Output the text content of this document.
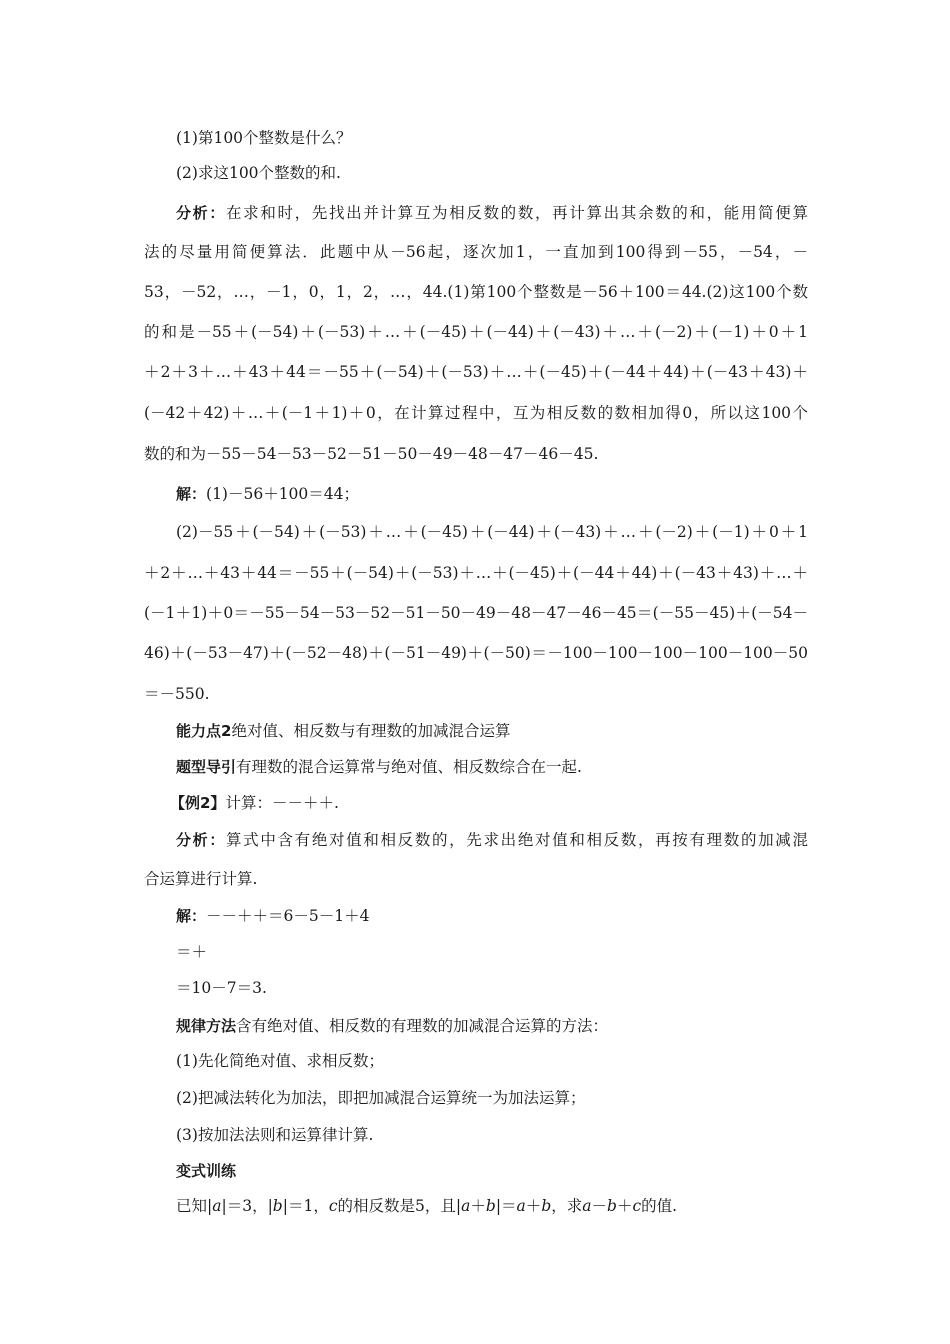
(1)第100个整数是什么？
(2)求这100个整数的和.
分析：在求和时，先找出并计算互为相反数的数，再计算出其余数的和，能用简便算
法的尽量用简便算法．此题中从－56起，逐次加1，一直加到100得到－55，－54，－
53，－52，…，－1，0，1，2，…，44.(1)第100个整数是－56＋100＝44.(2)这100个数
的和是－55＋(－54)＋(－53)＋…＋(－45)＋(－44)＋(－43)＋…＋(－2)＋(－1)＋0＋1
＋2＋3＋…＋43＋44＝－55＋(－54)＋(－53)＋…＋(－45)＋(－44＋44)＋(－43＋43)＋
(－42＋42)＋…＋(－1＋1)＋0，在计算过程中，互为相反数的数相加得0，所以这100个
数的和为－55－54－53－52－51－50－49－48－47－46－45.
解：(1)－56＋100＝44；
(2)－55＋(－54)＋(－53)＋…＋(－45)＋(－44)＋(－43)＋…＋(－2)＋(－1)＋0＋1
＋2＋…＋43＋44＝－55＋(－54)＋(－53)＋…＋(－45)＋(－44＋44)＋(－43＋43)＋…＋
(－1＋1)＋0＝－55－54－53－52－51－50－49－48－47－46－45＝(－55－45)＋(－54－
46)＋(－53－47)＋(－52－48)＋(－51－49)＋(－50)＝－100－100－100－100－100－50
＝－550.
能力点2绝对值、相反数与有理数的加减混合运算
题型导引有理数的混合运算常与绝对值、相反数综合在一起.
【例2】计算：－－＋＋.
分析：算式中含有绝对值和相反数的，先求出绝对值和相反数，再按有理数的加减混
合运算进行计算.
解：－－＋＋＝6－5－1＋4
＝＋
＝10－7＝3.
规律方法含有绝对值、相反数的有理数的加减混合运算的方法：
(1)先化简绝对值、求相反数；
(2)把减法转化为加法，即把加减混合运算统一为加法运算；
(3)按加法法则和运算律计算.
变式训练
已知|a|＝3，|b|＝1，c的相反数是5，且|a＋b|＝a＋b，求a－b＋c的值.
